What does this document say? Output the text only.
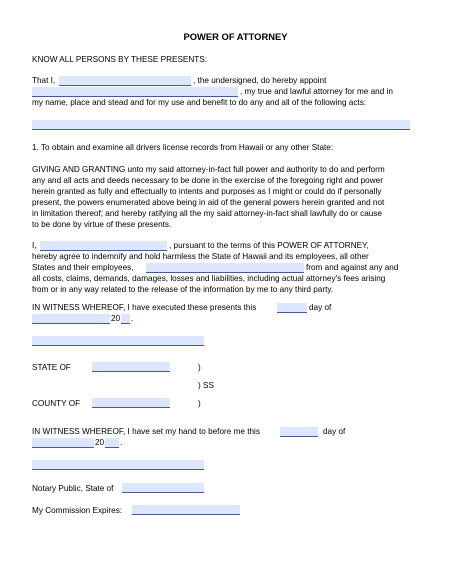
POWER OF ATTORNEY
KNOW ALL PERSONS BY THESE PRESENTS:
That I,	, the undersigned, do hereby appoint
, my true and lawful attorney for me and in
my name, place and stead and for my use and benefit to do any and all of the following acts:
1. To obtain and examine all drivers license records from Hawaii or any other State:
GIVING AND GRANTING unto my said attorney-in-fact full power and authority to do and perform
any and all acts and deeds necessary to be done in the exercise of the foregoing right and power
herein granted as fully and effectually to intents and purposes as I might or could do if personally
present, the powers enumerated above being in aid of the general powers herein granted and not
in limitation thereof; and hereby ratifying all the my said attorney-in-fact shall lawfully do or cause
to be done by virtue of these presents.
I,	, pursuant to the terms of this POWER OF ATTORNEY,
hereby agree to indemnify and hold harmless the State of Hawaii and its employees, all other
States and their employees,	from and against any and
all costs, claims, demands, damages, losses and liabilities, including actual attorney's fees arising
from or in any way related to the release of the information by me to any third party.
IN WITNESS WHEREOF, I have executed these presents this	day of
20 .
STATE OF	)
) SS
COUNTY OF	)
IN WITNESS WHEREOF, I have set my hand to before me this	day of
20 .
Notary Public, State of
My Commission Expires:
